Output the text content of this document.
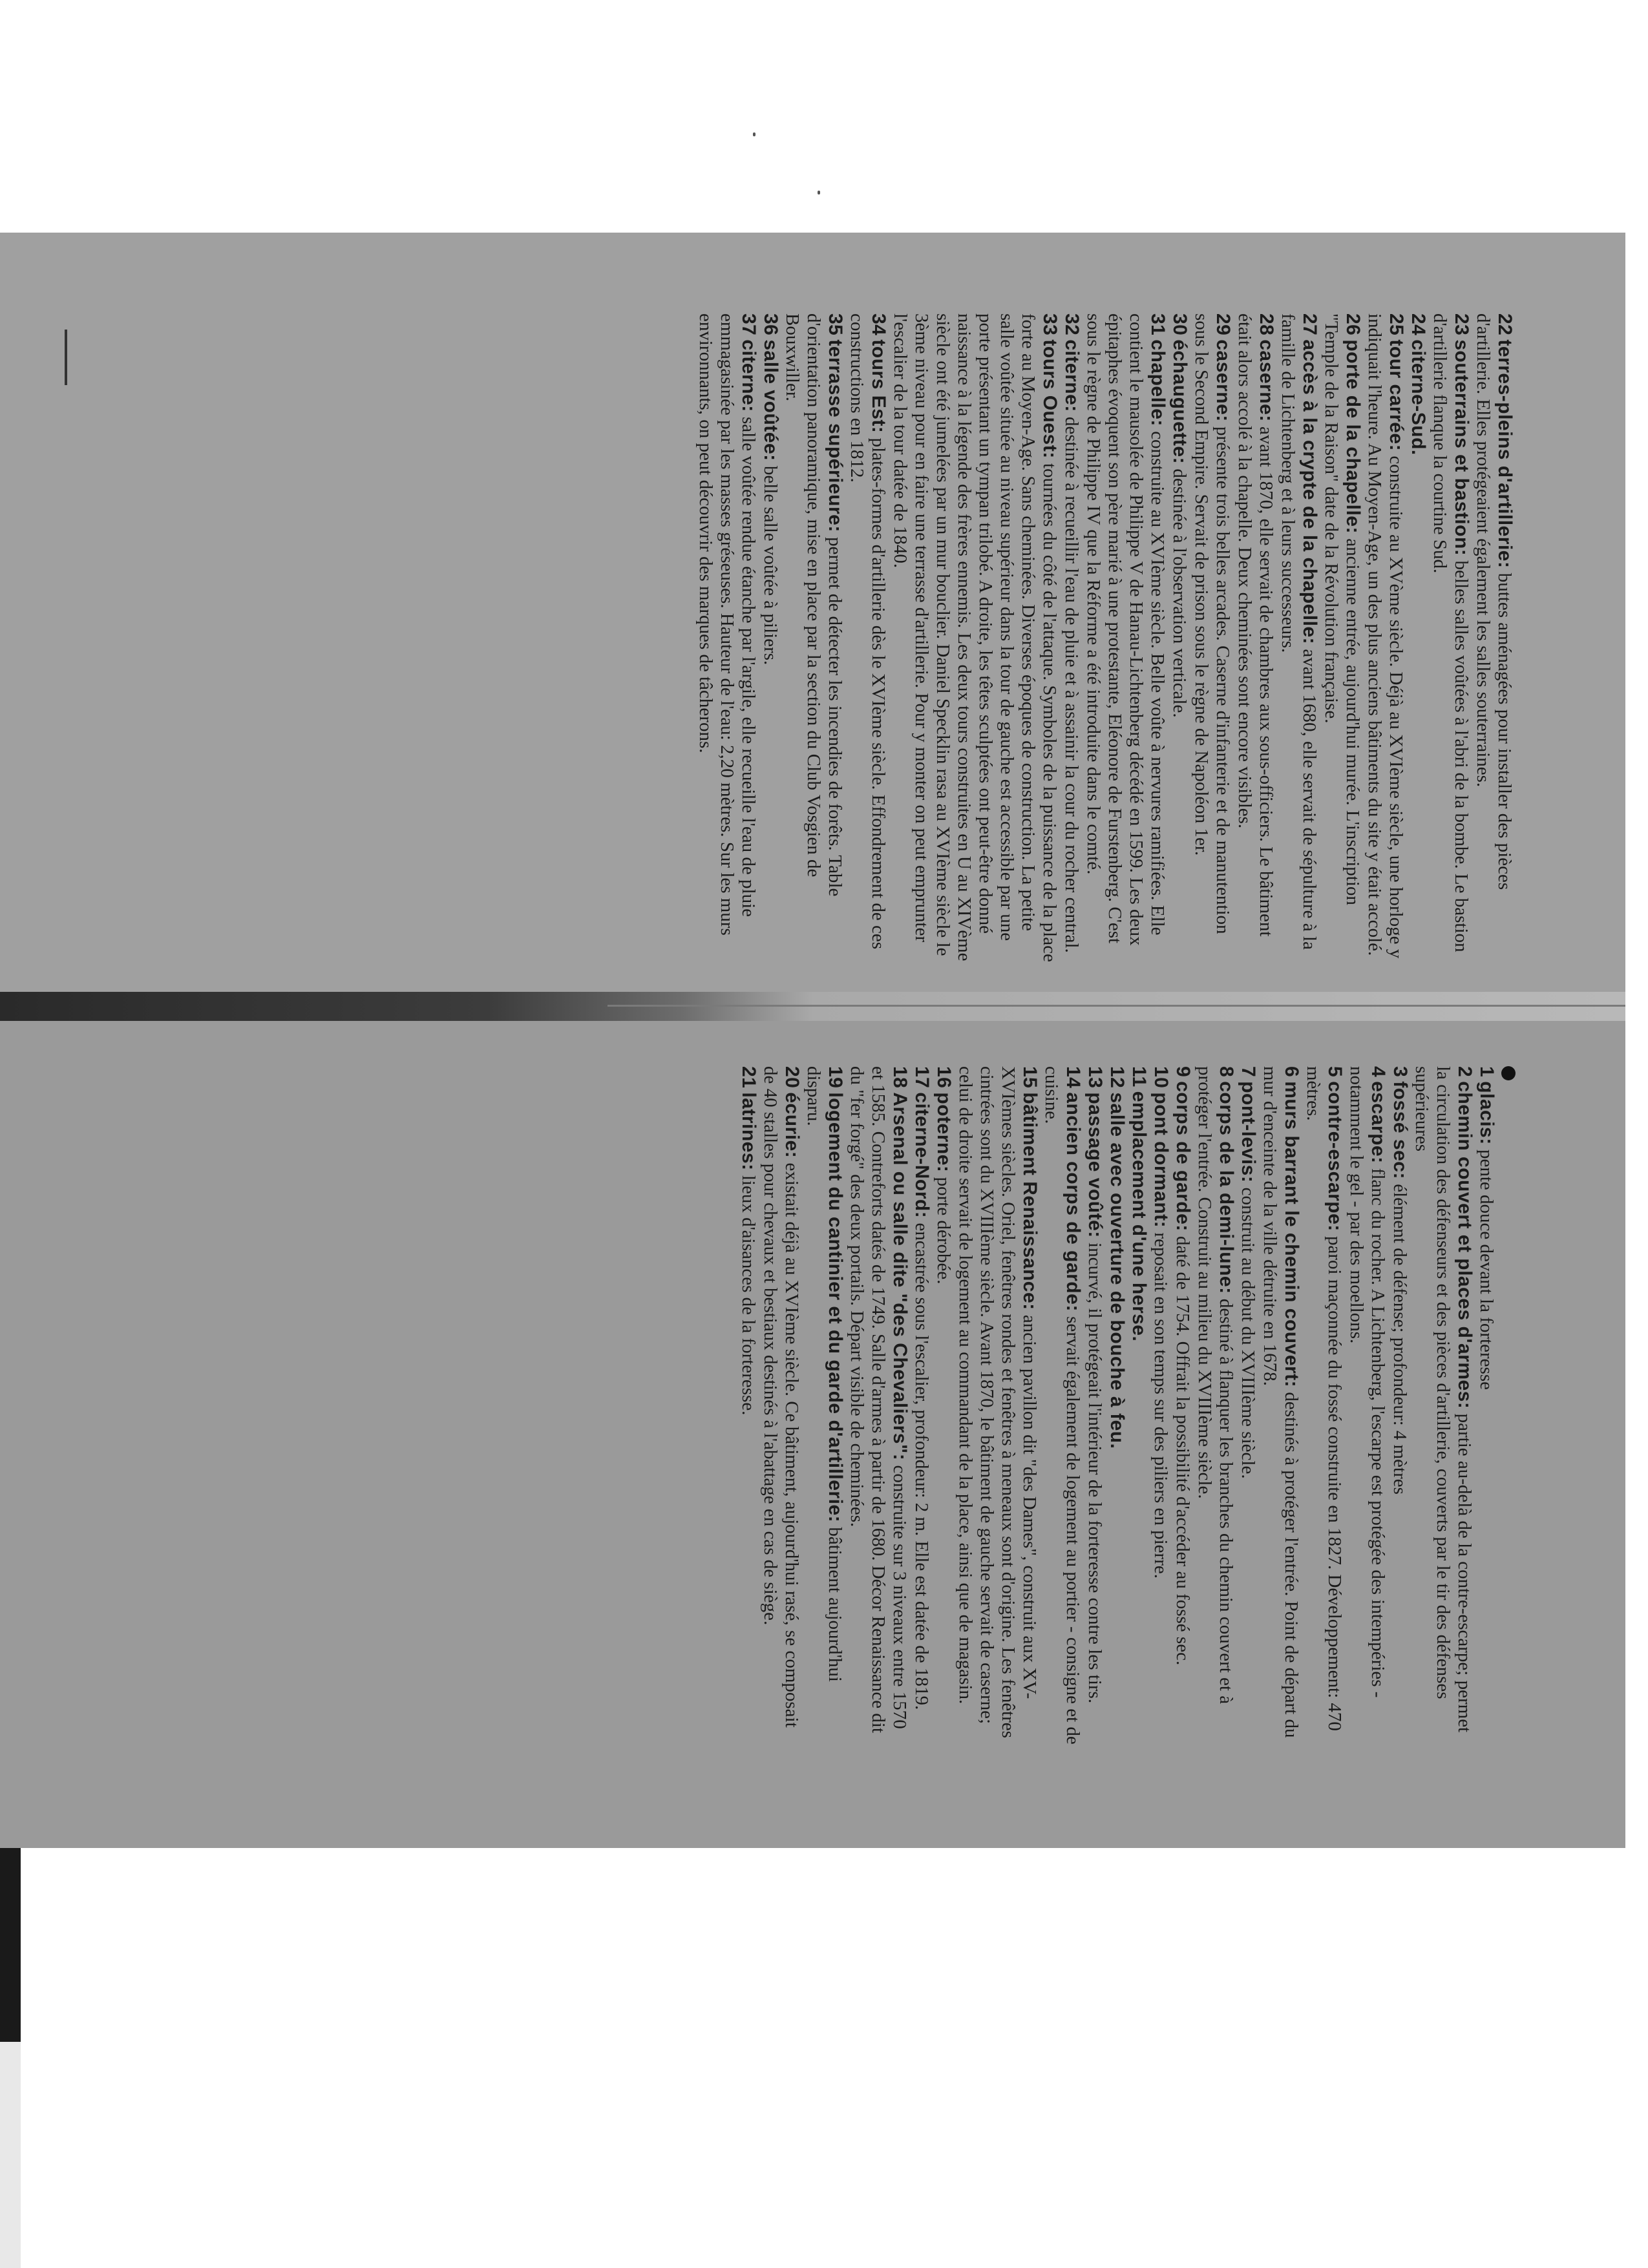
22terres-pleins d'artillerie: buttes aménagées pour installer des pièces d'artillerie. Elles protégeaient également les salles souterraines.

23souterrains et bastion: belles salles voûtées à l'abri de la bombe. Le bastion d'artillerie flanque la courtine Sud.

24citerne-Sud.

25tour carrée: construite au XVème siècle. Déjà au XVIème siècle, une horloge y indiquait l'heure. Au Moyen-Age, un des plus anciens bâtiments du site y était accolé.

26porte de la chapelle: ancienne entrée, aujourd'hui murée. L'inscription "Temple de la Raison" date de la Révolution française.

27accès à la crypte de la chapelle: avant 1680, elle servait de sépulture à la famille de Lichtenberg et à leurs successeurs.

28caserne: avant 1870, elle servait de chambres aux sous-officiers. Le bâtiment était alors accolé à la chapelle. Deux cheminées sont encore visibles.

29caserne: présente trois belles arcades. Caserne d'infanterie et de manutention sous le Second Empire. Servait de prison sous le règne de Napoléon 1er.

30échauguette: destinée à l'observation verticale.

31chapelle: construite au XVIème siècle. Belle voûte à nervures ramifiées. Elle contient le mausolée de Philippe V de Hanau-Lichtenberg décédé en 1599. Les deux épitaphes évoquent son père marié à une protestante, Eléonore de Furstenberg. C'est sous le règne de Philippe IV que la Réforme a été introduite dans le comté.

32citerne: destinée à recueillir l'eau de pluie et à assainir la cour du rocher central.

33tours Ouest: tournées du côté de l'attaque. Symboles de la puissance de la place forte au Moyen-Age. Sans cheminées. Diverses époques de construction. La petite salle voûtée située au niveau supérieur dans la tour de gauche est accessible par une porte présentant un tympan trilobé. A droite, les têtes sculptées ont peut-être donné naissance à la légende des frères ennemis. Les deux tours construites en U au XIVème siècle ont été jumelées par un mur bouclier. Daniel Specklin rasa au XVIème siècle le 3ème niveau pour en faire une terrasse d'artillerie. Pour y monter on peut emprunter l'escalier de la tour datée de 1840.

34tours Est: plates-formes d'artillerie dès le XVIème siècle. Effondrement de ces constructions en 1812.

35terrasse supérieure: permet de détecter les incendies de forêts. Table d'orientation panoramique, mise en place par la section du Club Vosgien de Bouxwiller.

36salle voûtée: belle salle voûtée à piliers.

37citerne: salle voûtée rendue étanche par l'argile, elle recueille l'eau de pluie emmagasinée par les masses gréseuses. Hauteur de l'eau: 2,20 mètres. Sur les murs environnants, on peut découvrir des marques de tâcherons.

1glacis: pente douce devant la forteresse

2chemin couvert et places d'armes: partie au-delà de la contre-escarpe; permet la circulation des défenseurs et des pièces d'artillerie, couverts par le tir des défenses supérieures

3fossé sec: élément de défense; profondeur: 4 mètres

4escarpe: flanc du rocher. A Lichtenberg, l'escarpe est protégée des intempéries - notamment le gel - par des moellons.

5contre-escarpe: paroi maçonnée du fossé construite en 1827. Développement: 470 mètres.

6murs barrant le chemin couvert: destinés à protéger l'entrée. Point de départ du mur d'enceinte de la ville détruite en 1678.

7pont-levis: construit au début du XVIIIème siècle.

8corps de la demi-lune: destiné à flanquer les branches du chemin couvert et à protéger l'entrée. Construit au milieu du XVIIIème siècle.

9corps de garde: daté de 1754. Offrait la possibilité d'accéder au fossé sec.

10pont dormant: reposait en son temps sur des piliers en pierre.

11emplacement d'une herse.

12salle avec ouverture de bouche à feu.

13passage voûté: incurvé, il protégeait l'intérieur de la forteresse contre les tirs.

14ancien corps de garde: servait également de logement au portier - consigne et de cuisine.

15bâtiment Renaissance: ancien pavillon dit "des Dames", construit aux XV-XVIèmes siècles. Oriel, fenêtres rondes et fenêtres à meneaux sont d'origine. Les fenêtres cintrées sont du XVIIIème siècle. Avant 1870, le bâtiment de gauche servait de caserne; celui de droite servait de logement au commandant de la place, ainsi que de magasin.

16poterne: porte dérobée.

17citerne-Nord: encastrée sous l'escalier, profondeur: 2 m. Elle est datée de 1819.

18Arsenal ou salle dite "des Chevaliers": construite sur 3 niveaux entre 1570 et 1585. Contreforts datés de 1749. Salle d'armes à partir de 1680. Décor Renaissance dit du "fer forgé" des deux portails. Départ visible de cheminées.

19logement du cantinier et du garde d'artillerie: bâtiment aujourd'hui disparu.

20écurie: existait déjà au XVIème siècle. Ce bâtiment, aujourd'hui rasé, se composait de 40 stalles pour chevaux et bestiaux destinés à l'abattage en cas de siège.

21latrines: lieux d'aisances de la forteresse.
